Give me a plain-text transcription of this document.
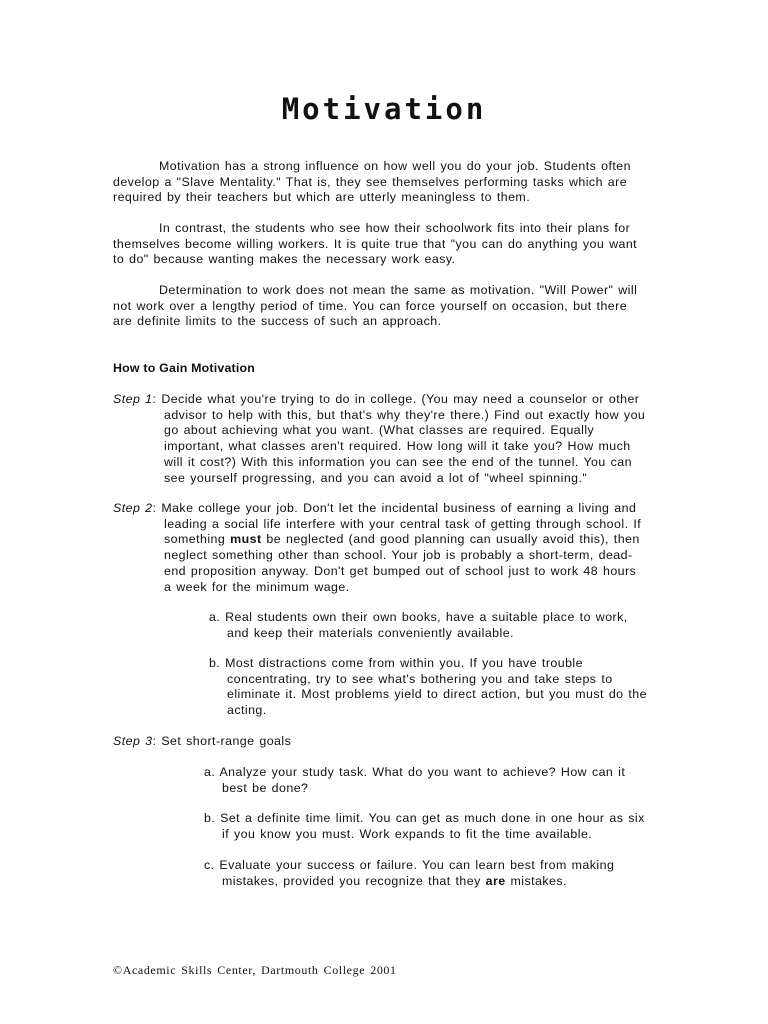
Motivation
Motivation has a strong influence on how well you do your job. Students often
develop a "Slave Mentality." That is, they see themselves performing tasks which are
required by their teachers but which are utterly meaningless to them.
In contrast, the students who see how their schoolwork fits into their plans for
themselves become willing workers. It is quite true that "you can do anything you want
to do" because wanting makes the necessary work easy.
Determination to work does not mean the same as motivation. "Will Power" will
not work over a lengthy period of time. You can force yourself on occasion, but there
are definite limits to the success of such an approach.
How to Gain Motivation
Step 1: Decide what you're trying to do in college. (You may need a counselor or other
advisor to help with this, but that's why they're there.) Find out exactly how you
go about achieving what you want. (What classes are required. Equally
important, what classes aren't required. How long will it take you? How much
will it cost?) With this information you can see the end of the tunnel. You can
see yourself progressing, and you can avoid a lot of "wheel spinning."
Step 2: Make college your job. Don't let the incidental business of earning a living and
leading a social life interfere with your central task of getting through school. If
something must be neglected (and good planning can usually avoid this), then
neglect something other than school. Your job is probably a short-term, dead-
end proposition anyway. Don't get bumped out of school just to work 48 hours
a week for the minimum wage.
a. Real students own their own books, have a suitable place to work,
and keep their materials conveniently available.
b. Most distractions come from within you. If you have trouble
concentrating, try to see what's bothering you and take steps to
eliminate it. Most problems yield to direct action, but you must do the
acting.
Step 3: Set short-range goals
a. Analyze your study task. What do you want to achieve? How can it
best be done?
b. Set a definite time limit. You can get as much done in one hour as six
if you know you must. Work expands to fit the time available.
c. Evaluate your success or failure. You can learn best from making
mistakes, provided you recognize that they are mistakes.
©Academic Skills Center, Dartmouth College 2001
